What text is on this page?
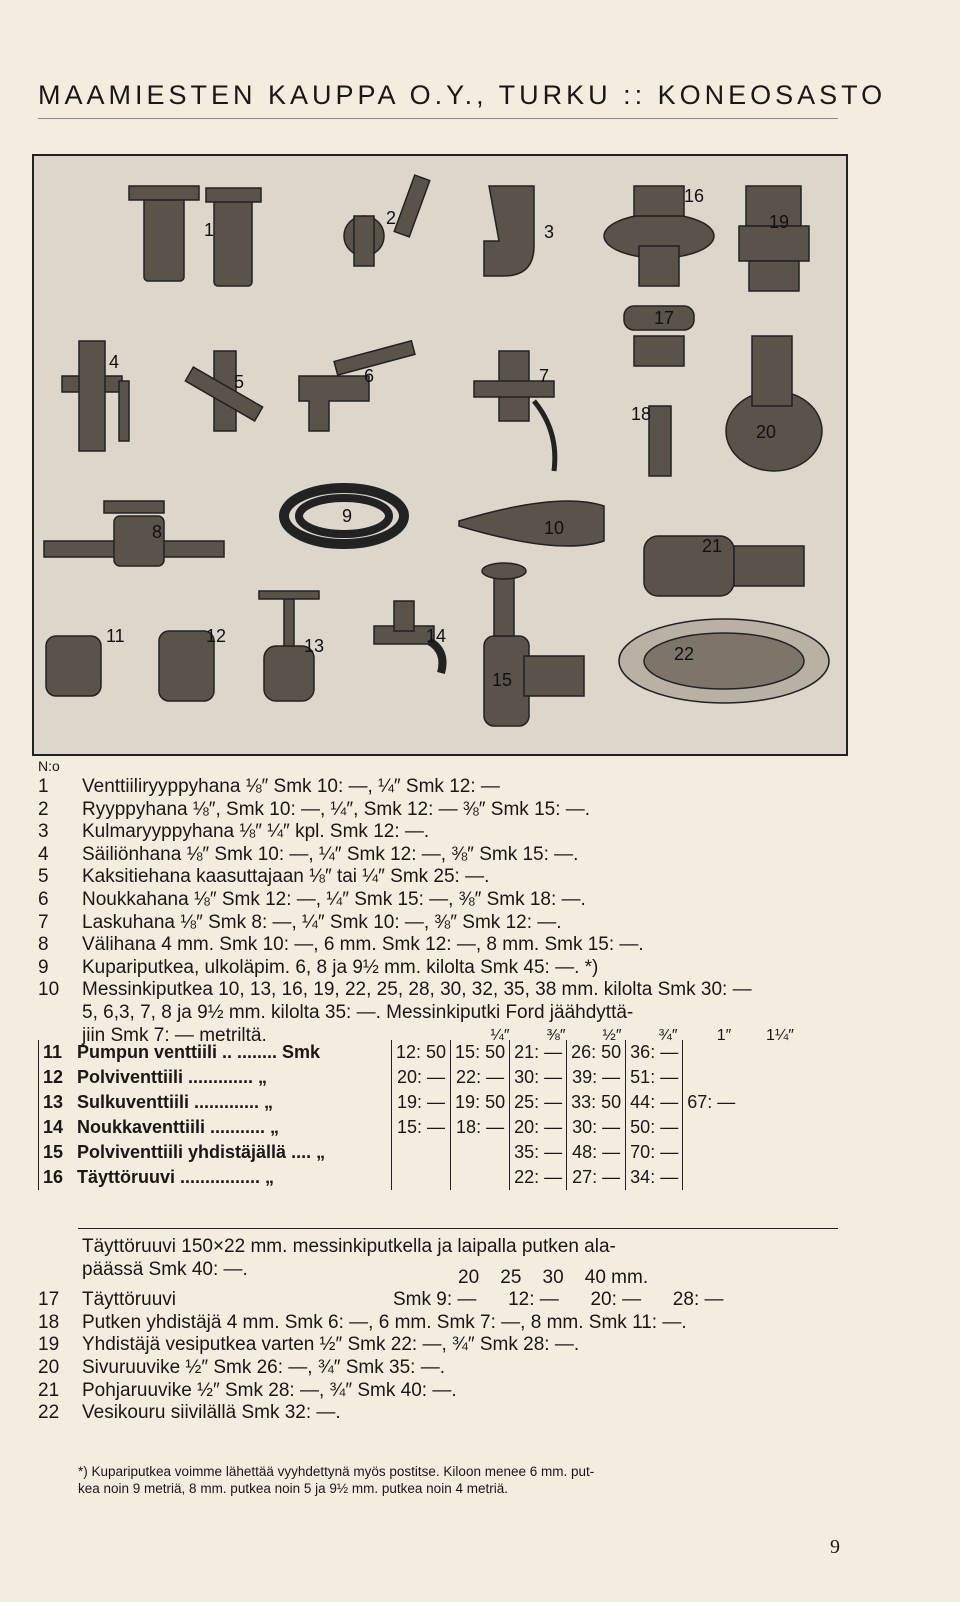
MAAMIESTEN KAUPPA O.Y., TURKU :: KONEOSASTO
1
2
3
16
19
4
5	6	7
17
18
20
8
9
10
21
11	12	13	14
15
22
N:o
1 Venttiiliryyppyhana ⅛″ Smk 10: —, ¼″ Smk 12: —
2 Ryyppyhana ⅛″, Smk 10: —, ¼″, Smk 12: — ⅜″ Smk 15: —.
3 Kulmaryyppyhana ⅛″ ¼″ kpl. Smk 12: —.
4 Säiliönhana ⅛″ Smk 10: —, ¼″ Smk 12: —, ⅜″ Smk 15: —.
5 Kaksitiehana kaasuttajaan ⅛″ tai ¼″ Smk 25: —.
6 Noukkahana ⅛″ Smk 12: —, ¼″ Smk 15: —, ⅜″ Smk 18: —.
7 Laskuhana ⅛″ Smk 8: —, ¼″ Smk 10: —, ⅜″ Smk 12: —.
8 Välihana 4 mm. Smk 10: —, 6 mm. Smk 12: —, 8 mm. Smk 15: —.
9 Kupariputkea, ulkoläpim. 6, 8 ja 9½ mm. kilolta Smk 45: —. *)
10 Messinkiputkea 10, 13, 16, 19, 22, 25, 28, 30, 32, 35, 38 mm. kilolta Smk 30: —
5, 6,3, 7, 8 ja 9½ mm. kilolta 35: —. Messinkiputki Ford jäähdyttä-
jiin Smk 7: — metriltä.	¼″ ⅜″ ½″ ¾″ 1″ 1¼″
11	Pumpun venttiili .. ........ Smk	12: 50	15: 50	21: —	26: 50	36: —	
12	Polviventtiili ............. „	20: —	22: —	30: —	39: —	51: —	
13	Sulkuventtiili ............. „	19: —	19: 50	25: —	33: 50	44: —	67: —
14	Noukkaventtiili ........... „	15: —	18: —	20: —	30: —	50: —	
15	Polviventtiili yhdistäjällä .... „			35: —	48: —	70: —	
16	Täyttöruuvi ................ „			22: —	27: —	34: —	
Täyttöruuvi 150×22 mm. messinkiputkella ja laipalla putken ala-
päässä Smk 40: —.	20    25    30    40 mm.
17 Täyttöruuvi	Smk 9: —      12: —      20: —      28: —
18 Putken yhdistäjä 4 mm. Smk 6: —, 6 mm. Smk 7: —, 8 mm. Smk 11: —.
19 Yhdistäjä vesiputkea varten ½″ Smk 22: —, ¾″ Smk 28: —.
20 Sivuruuvike ½″ Smk 26: —, ¾″ Smk 35: —.
21 Pohjaruuvike ½″ Smk 28: —, ¾″ Smk 40: —.
22 Vesikouru siivilällä Smk 32: —.
*) Kupariputkea voimme lähettää vyyhdettynä myös postitse. Kiloon menee 6 mm. put-
kea noin 9 metriä, 8 mm. putkea noin 5 ja 9½ mm. putkea noin 4 metriä.
9
